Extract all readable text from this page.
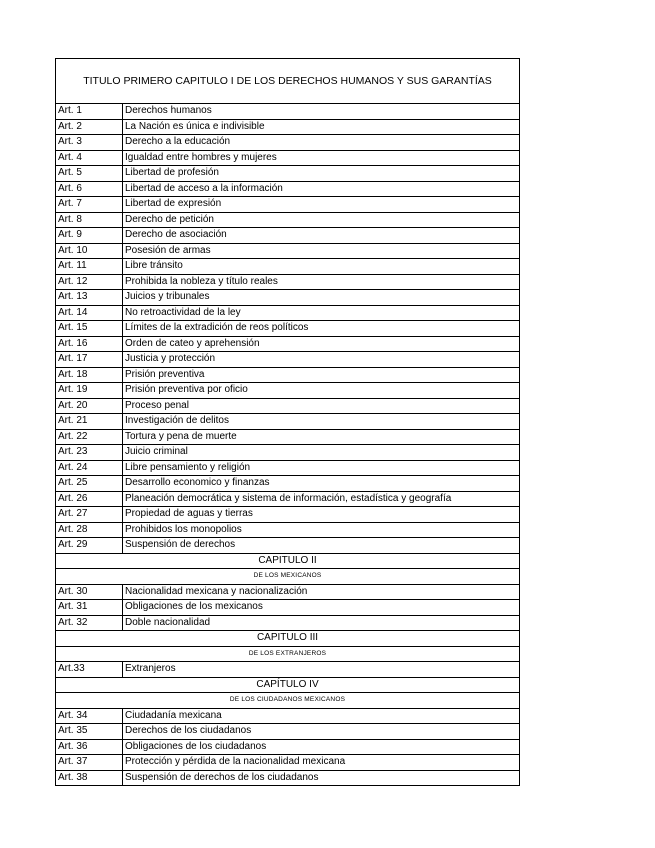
TITULO PRIMERO CAPITULO I DE LOS DERECHOS HUMANOS Y SUS GARANTÍAS	
Art. 1	Derechos humanos
Art. 2	La Nación es única e indivisible
Art. 3	Derecho a la educación
Art. 4	Igualdad entre hombres y mujeres
Art. 5	Libertad de profesión
Art. 6	Libertad de acceso a la información
Art. 7	Libertad de expresión
Art. 8	Derecho de petición
Art. 9	Derecho de asociación
Art. 10	Posesión de armas
Art. 11	Libre tránsito
Art. 12	Prohibida la nobleza y título reales
Art. 13	Juicios y tribunales
Art. 14	No retroactividad de la ley
Art. 15	Límites de la extradición de reos políticos
Art. 16	Orden de cateo y aprehensión
Art. 17	Justicia y protección
Art. 18	Prisión preventiva
Art. 19	Prisión preventiva por oficio
Art. 20	Proceso penal
Art. 21	Investigación de delitos
Art. 22	Tortura y pena de muerte
Art. 23	Juicio criminal
Art. 24	Libre pensamiento y religión
Art. 25	Desarrollo economico y finanzas
Art. 26	Planeación democrática y sistema de información, estadística y geografía
Art. 27	Propiedad de aguas y tierras
Art. 28	Prohibidos los monopolios
Art. 29	Suspensión de derechos
CAPITULO II	
DE LOS MEXICANOS	
Art. 30	Nacionalidad mexicana y nacionalización
Art. 31	Obligaciones de los mexicanos
Art. 32	Doble nacionalidad
CAPITULO III	
DE LOS EXTRANJEROS	
Art.33	Extranjeros
CAPÍTULO IV	
DE LOS CIUDADANOS MEXICANOS	
Art. 34	Ciudadanía mexicana
Art. 35	Derechos de los ciudadanos
Art. 36	Obligaciones de los ciudadanos
Art. 37	Protección y pérdida de la nacionalidad mexicana
Art. 38	Suspensión de derechos de los ciudadanos
